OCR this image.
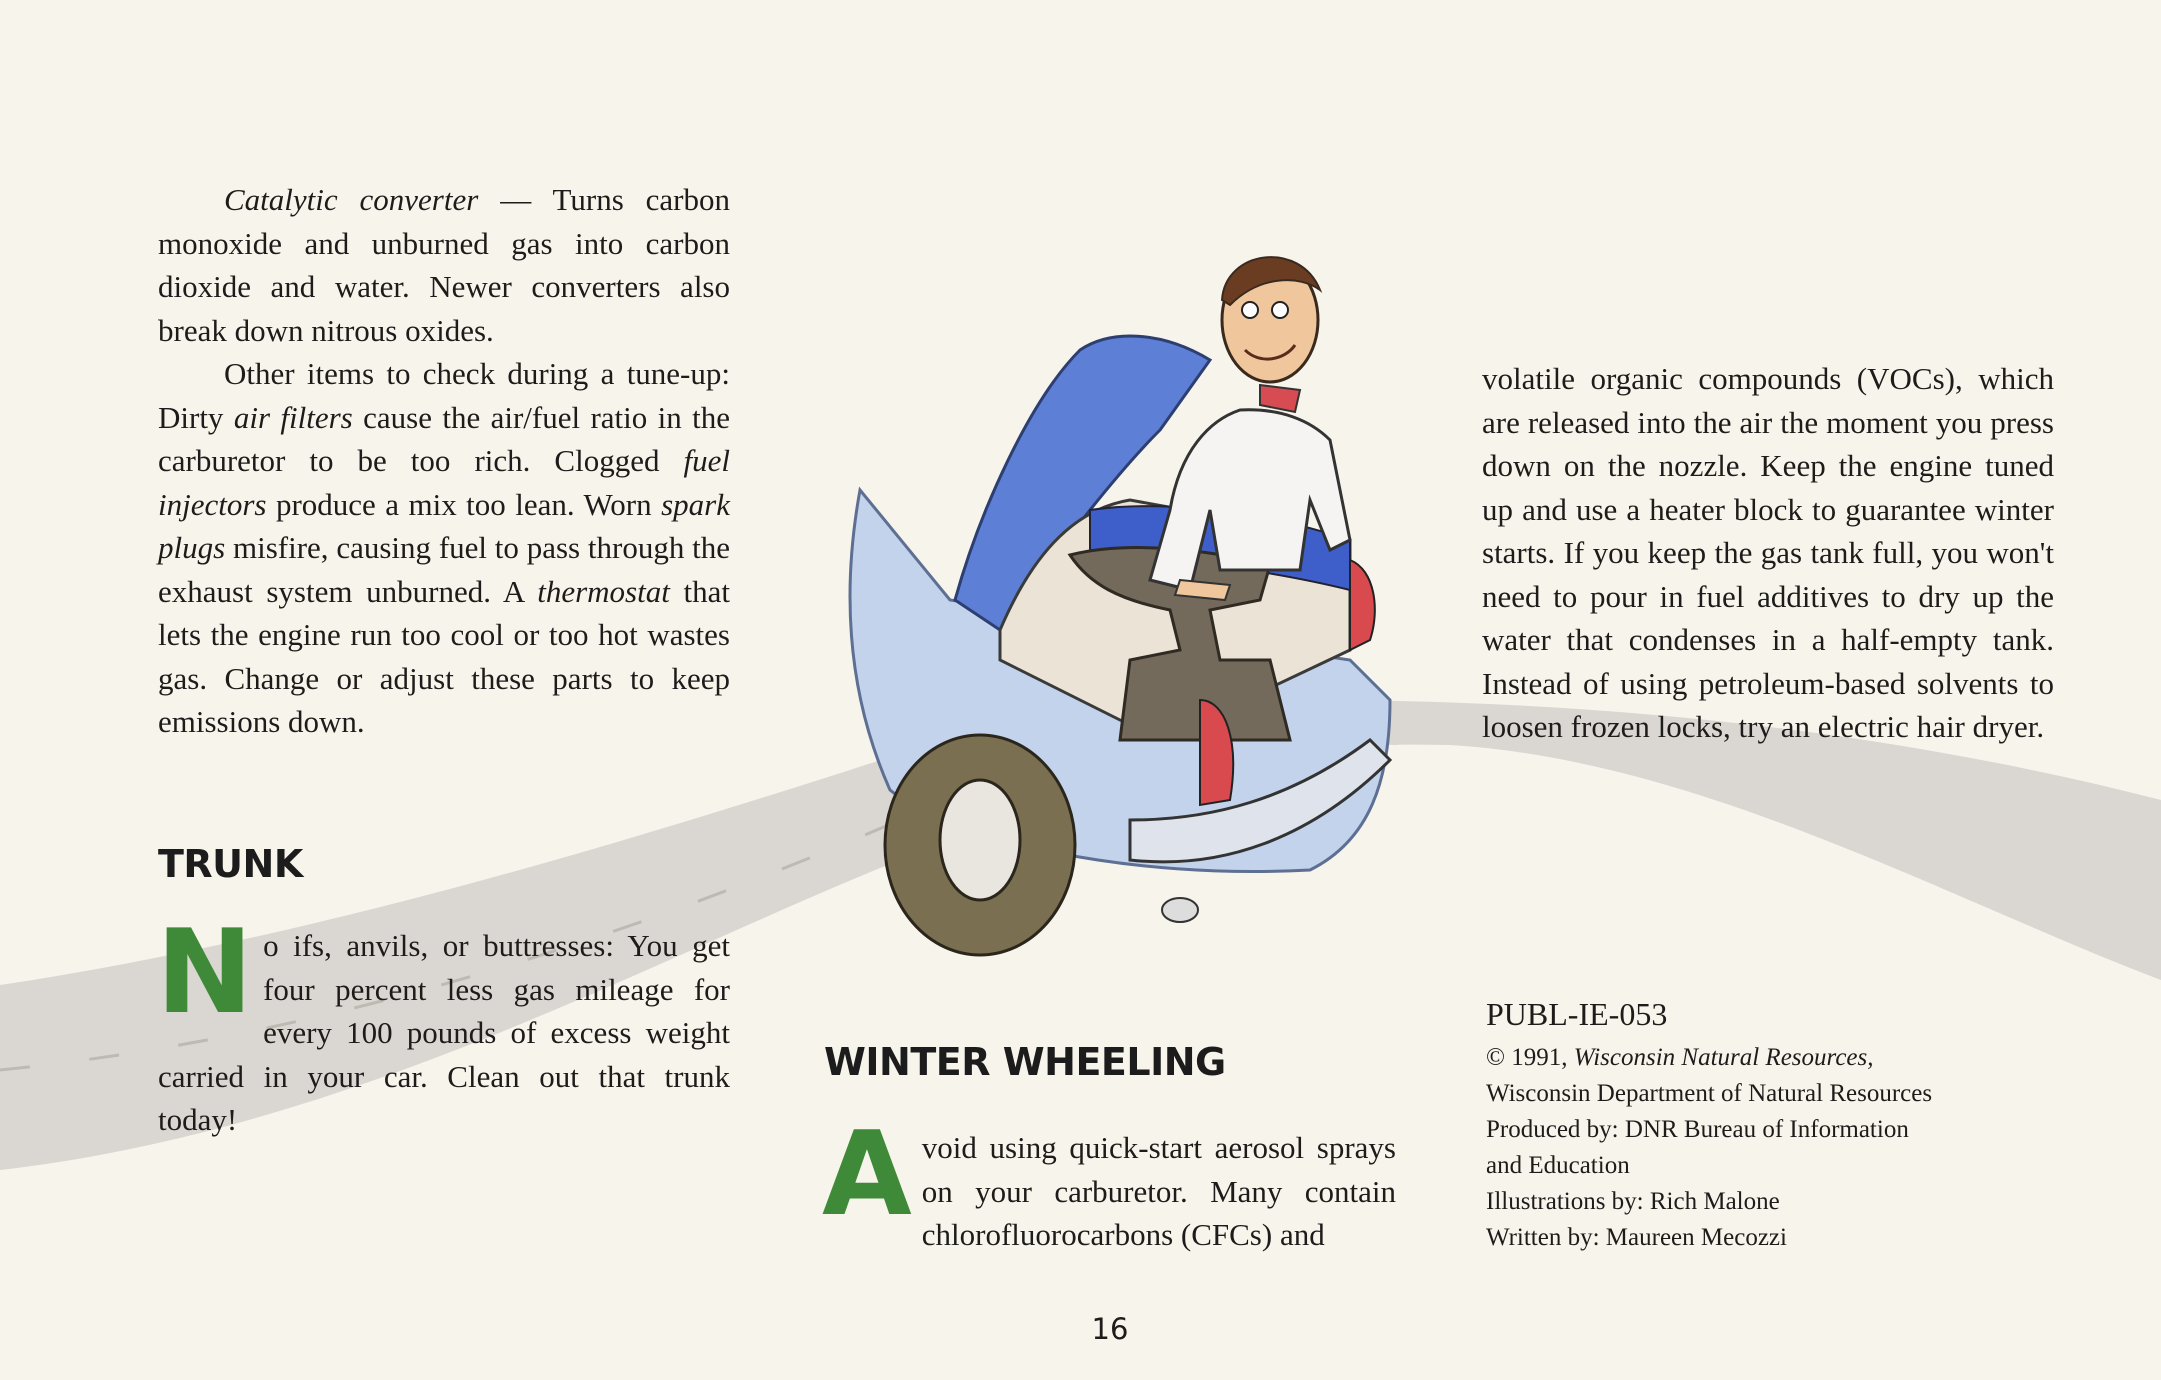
Catalytic converter — Turns carbon monoxide and unburned gas into carbon dioxide and water. Newer converters also break down nitrous oxides.

Other items to check during a tune-up: Dirty air filters cause the air/fuel ratio in the carburetor to be too rich. Clogged fuel injectors produce a mix too lean. Worn spark plugs misfire, causing fuel to pass through the exhaust system unburned. A thermostat that lets the engine run too cool or too hot wastes gas. Change or adjust these parts to keep emissions down.

TRUNK

No ifs, anvils, or buttresses: You get four percent less gas mileage for every 100 pounds of excess weight carried in your car. Clean out that trunk today!

WINTER WHEELING

Avoid using quick-start aerosol sprays on your carburetor. Many contain chlorofluorocarbons (CFCs) and

volatile organic compounds (VOCs), which are released into the air the moment you press down on the nozzle. Keep the engine tuned up and use a heater block to guarantee winter starts. If you keep the gas tank full, you won't need to pour in fuel additives to dry up the water that condenses in a half-empty tank. Instead of using petroleum-based solvents to loosen frozen locks, try an electric hair dryer.

PUBL-IE-053

© 1991, Wisconsin Natural Resources,

Wisconsin Department of Natural Resources

Produced by: DNR Bureau of Information

and Education

Illustrations by: Rich Malone

Written by: Maureen Mecozzi

16
